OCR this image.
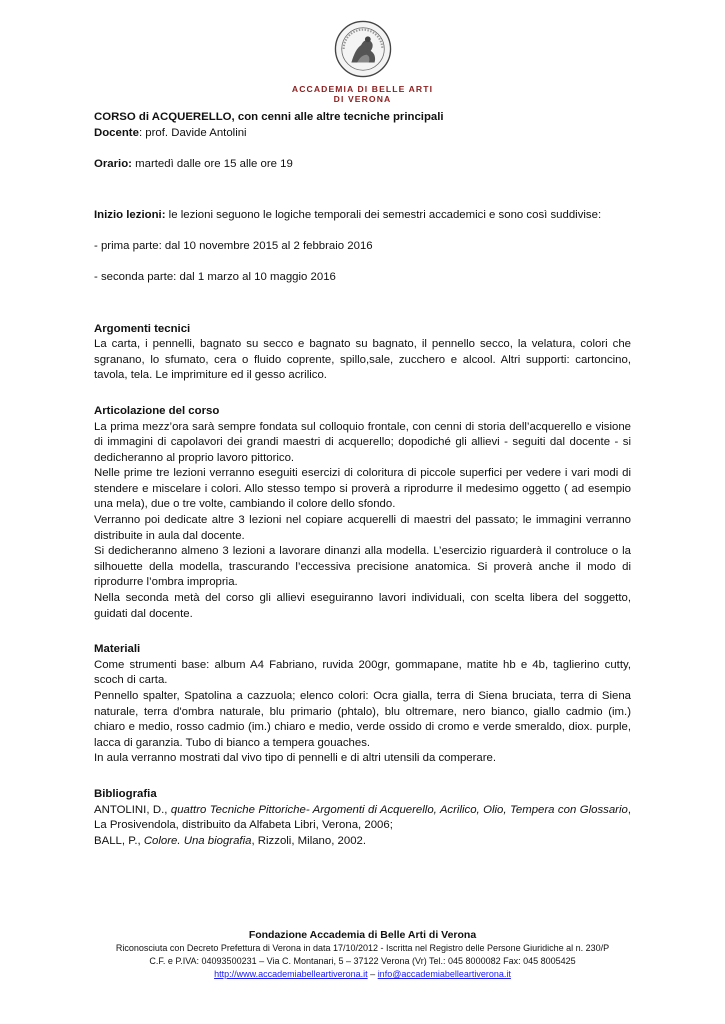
ACCADEMIA DI BELLE ARTI
DI VERONA

CORSO di ACQUERELLO, con cenni alle altre tecniche principali

Docente: prof. Davide Antolini

Orario: martedì dalle ore 15 alle ore 19

Inizio lezioni: le lezioni seguono le logiche temporali dei semestri accademici e sono così suddivise:

- prima parte: dal 10 novembre 2015 al 2 febbraio 2016

- seconda parte: dal 1 marzo al 10 maggio 2016

Argomenti tecnici

La carta, i pennelli, bagnato su secco e bagnato su bagnato, il pennello secco, la velatura, colori che sgranano, lo sfumato, cera o fluido coprente, spillo,sale, zucchero e alcool. Altri supporti: cartoncino, tavola, tela. Le imprimiture ed il gesso acrilico.

Articolazione del corso

La prima mezz’ora sarà sempre fondata sul colloquio frontale, con cenni di storia dell’acquerello e visione di immagini di capolavori dei grandi maestri di acquerello; dopodiché gli allievi - seguiti dal docente - si dedicheranno al proprio lavoro pittorico.

Nelle prime tre lezioni verranno eseguiti esercizi di coloritura di piccole superfici per vedere i vari modi di stendere e miscelare i colori. Allo stesso tempo si proverà a riprodurre il medesimo oggetto ( ad esempio una mela), due o tre volte, cambiando il colore dello sfondo.

Verranno poi dedicate altre 3 lezioni nel copiare acquerelli di maestri del passato; le immagini verranno distribuite in aula dal docente.

Si dedicheranno almeno 3 lezioni a lavorare dinanzi alla modella. L’esercizio riguarderà il controluce o la silhouette della modella, trascurando l’eccessiva precisione anatomica. Si proverà anche il modo di riprodurre l’ombra impropria.

Nella seconda metà del corso gli allievi eseguiranno lavori individuali, con scelta libera del soggetto, guidati dal docente.

Materiali

Come strumenti base: album A4 Fabriano, ruvida 200gr, gommapane, matite hb e 4b, taglierino cutty, scoch di carta.

Pennello spalter, Spatolina a cazzuola; elenco colori: Ocra gialla, terra di Siena bruciata, terra di Siena naturale, terra d'ombra naturale, blu primario (phtalo), blu oltremare, nero bianco, giallo cadmio (im.) chiaro e medio, rosso cadmio (im.) chiaro e medio, verde ossido di cromo e verde smeraldo, diox. purple, lacca di garanzia. Tubo di bianco a tempera gouaches.

In aula verranno mostrati dal vivo tipo di pennelli e di altri utensili da comperare.

Bibliografia

ANTOLINI, D., quattro Tecniche Pittoriche- Argomenti di Acquerello, Acrilico, Olio, Tempera con Glossario, La Prosivendola, distribuito da Alfabeta Libri, Verona, 2006;

BALL, P., Colore. Una biografia, Rizzoli, Milano, 2002.

Fondazione Accademia di Belle Arti di Verona
Riconosciuta con Decreto Prefettura di Verona in data 17/10/2012 - Iscritta nel Registro delle Persone Giuridiche al n. 230/P
C.F. e P.IVA: 04093500231 – Via C. Montanari, 5 – 37122 Verona (Vr) Tel.: 045 8000082 Fax: 045 8005425
http://www.accademiabelleartiverona.it – info@accademiabelleartiverona.it
